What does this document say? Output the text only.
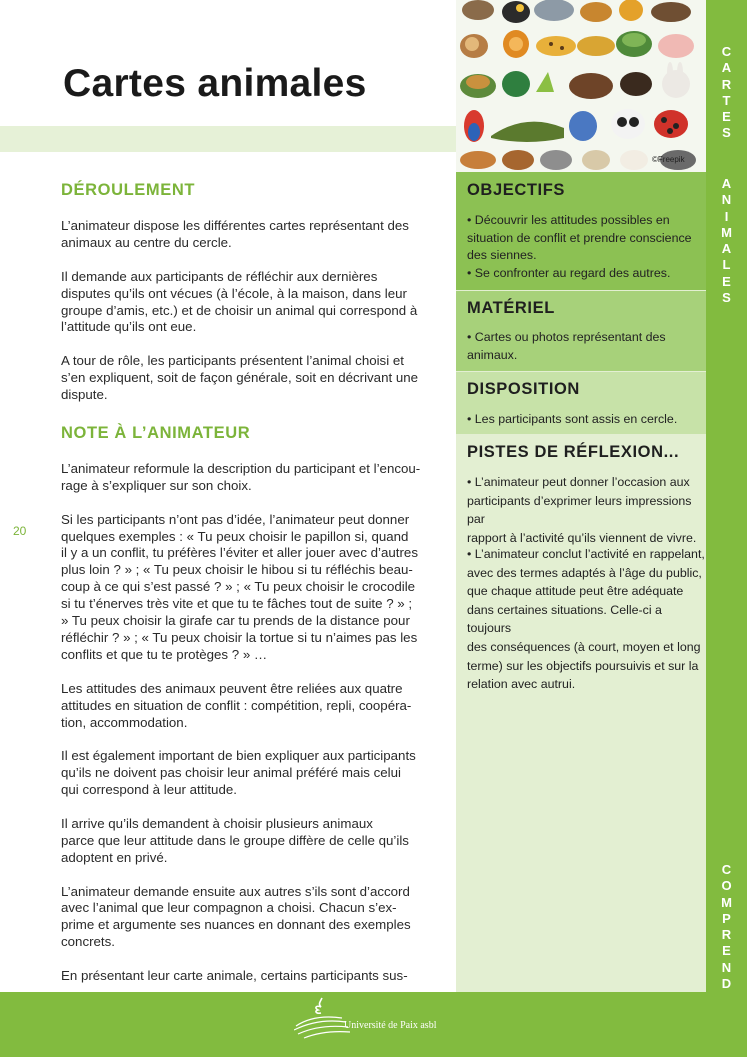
Cartes animales
DÉROULEMENT
L’animateur dispose les différentes cartes représentant des
animaux au centre du cercle.
Il demande aux participants de réfléchir aux dernières
disputes qu’ils ont vécues (à l’école, à la maison, dans leur
groupe d’amis, etc.) et de choisir un animal qui correspond à
l’attitude qu’ils ont eue.
A tour de rôle, les participants présentent l’animal choisi et
s’en expliquent, soit de façon générale, soit en décrivant une
dispute.
NOTE À L’ANIMATEUR
L’animateur reformule la description du participant et l’encou-
rage à s’expliquer sur son choix.
Si les participants n’ont pas d’idée, l’animateur peut donner
quelques exemples : « Tu peux choisir le papillon si, quand
il y a un conflit, tu préfères l’éviter et aller jouer avec d’autres
plus loin ? » ; « Tu peux choisir le hibou si tu réfléchis beau-
coup à ce qui s’est passé ? » ; « Tu peux choisir le crocodile
si tu t’énerves très vite et que tu te fâches tout de suite ? » ;
» Tu peux choisir la girafe car tu prends de la distance pour
réfléchir ? » ; « Tu peux choisir la tortue si tu n’aimes pas les
conflits et que tu te protèges ? » …
Les attitudes des animaux peuvent être reliées aux quatre
attitudes en situation de conflit : compétition, repli, coopéra-
tion, accommodation.
Il est également important de bien expliquer aux participants
qu’ils ne doivent pas choisir leur animal préféré mais celui
qui correspond à leur attitude.
Il arrive qu’ils demandent à choisir plusieurs animaux
parce que leur attitude dans le groupe diffère de celle qu’ils
adoptent en privé.
L’animateur demande ensuite aux autres s’ils sont d’accord
avec l’animal que leur compagnon a choisi. Chacun s’ex-
prime et argumente ses nuances en donnant des exemples
concrets.
En présentant leur carte animale, certains participants sus-
20
©Freepik
OBJECTIFS
• Découvrir les attitudes possibles en
situation de conflit et prendre conscience
des siennes.
• Se confronter au regard des autres.
MATÉRIEL
• Cartes ou photos représentant des
animaux.
DISPOSITION
• Les participants sont assis en cercle.
PISTES DE RÉFLEXION...
• L’animateur peut donner l’occasion aux
participants d’exprimer leurs impressions par
rapport à l’activité qu’ils viennent de vivre.
• L’animateur conclut l’activité en rappelant,
avec des termes adaptés à l’âge du public,
que chaque attitude peut être adéquate
dans certaines situations. Celle-ci a toujours
des conséquences (à court, moyen et long
terme) sur les objectifs poursuivis et sur la
relation avec autrui.
C
A
R
T
E
S
A
N
I
M
A
L
E
S
C
O
M
P
R
E
N
D
Université de Paix asbl
